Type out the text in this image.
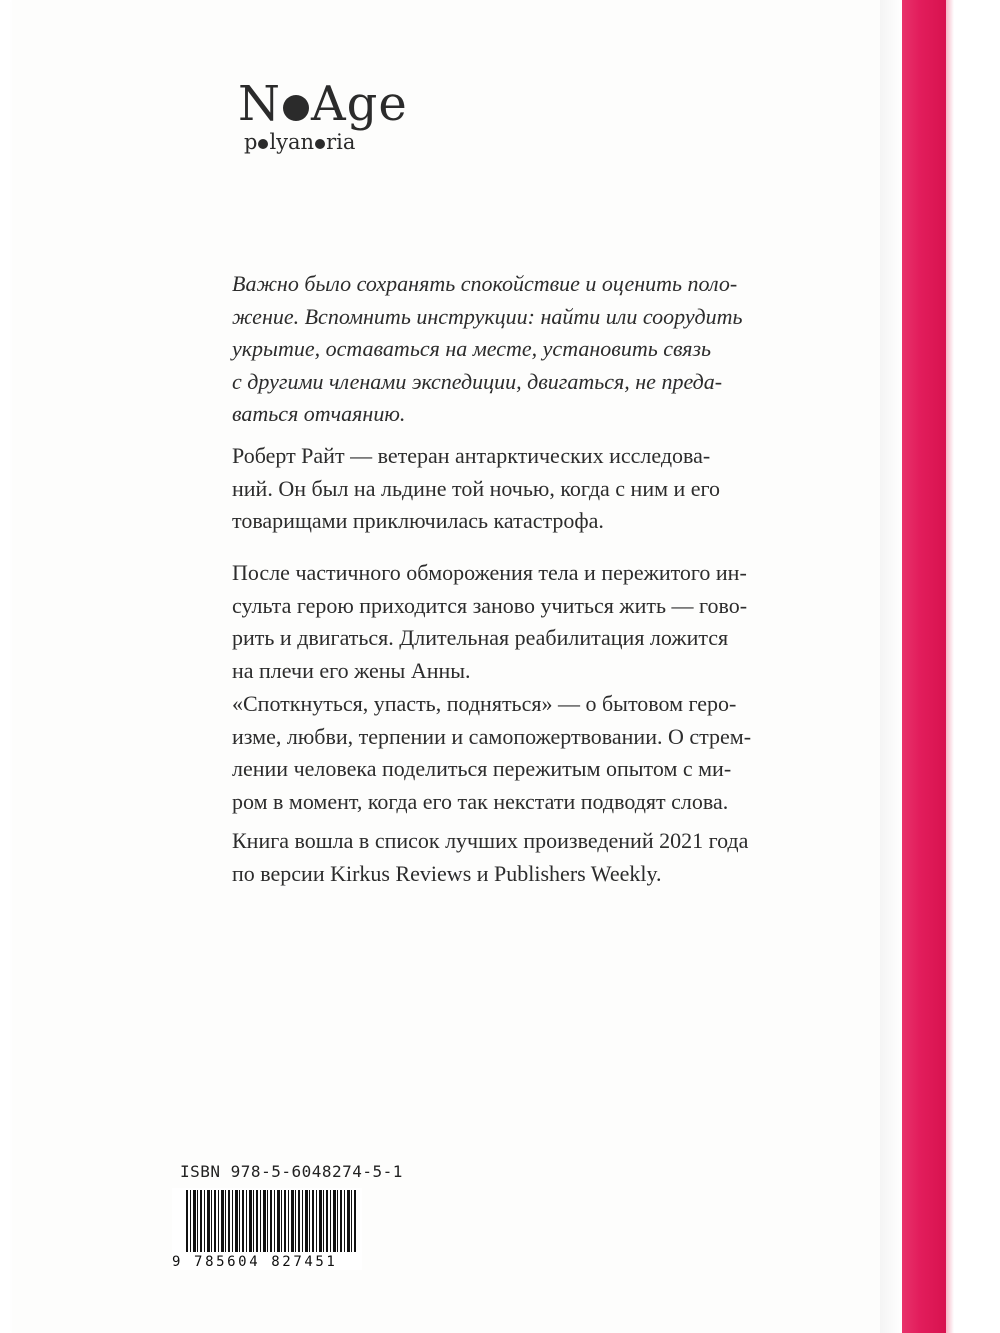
N Age
p lyan ria

Важно было сохранять спокойствие и оценить поло-

жение. Вспомнить инструкции: найти или соорудить

укрытие, оставаться на месте, установить связь

с другими членами экспедиции, двигаться, не преда-

ваться отчаянию.

Роберт Райт — ветеран антарктических исследова-

ний. Он был на льдине той ночью, когда с ним и его

товарищами приключилась катастрофа.

После частичного обморожения тела и пережитого ин-

сульта герою приходится заново учиться жить — гово-

рить и двигаться. Длительная реабилитация ложится

на плечи его жены Анны.

«Споткнуться, упасть, подняться» — о бытовом геро-

изме, любви, терпении и самопожертвовании. О стрем-

лении человека поделиться пережитым опытом с ми-

ром в момент, когда его так некстати подводят слова.

Книга вошла в список лучших произведений 2021 года

по версии Kirkus Reviews и Publishers Weekly.

ISBN 978-5-6048274-5-1
9 785604 827451
